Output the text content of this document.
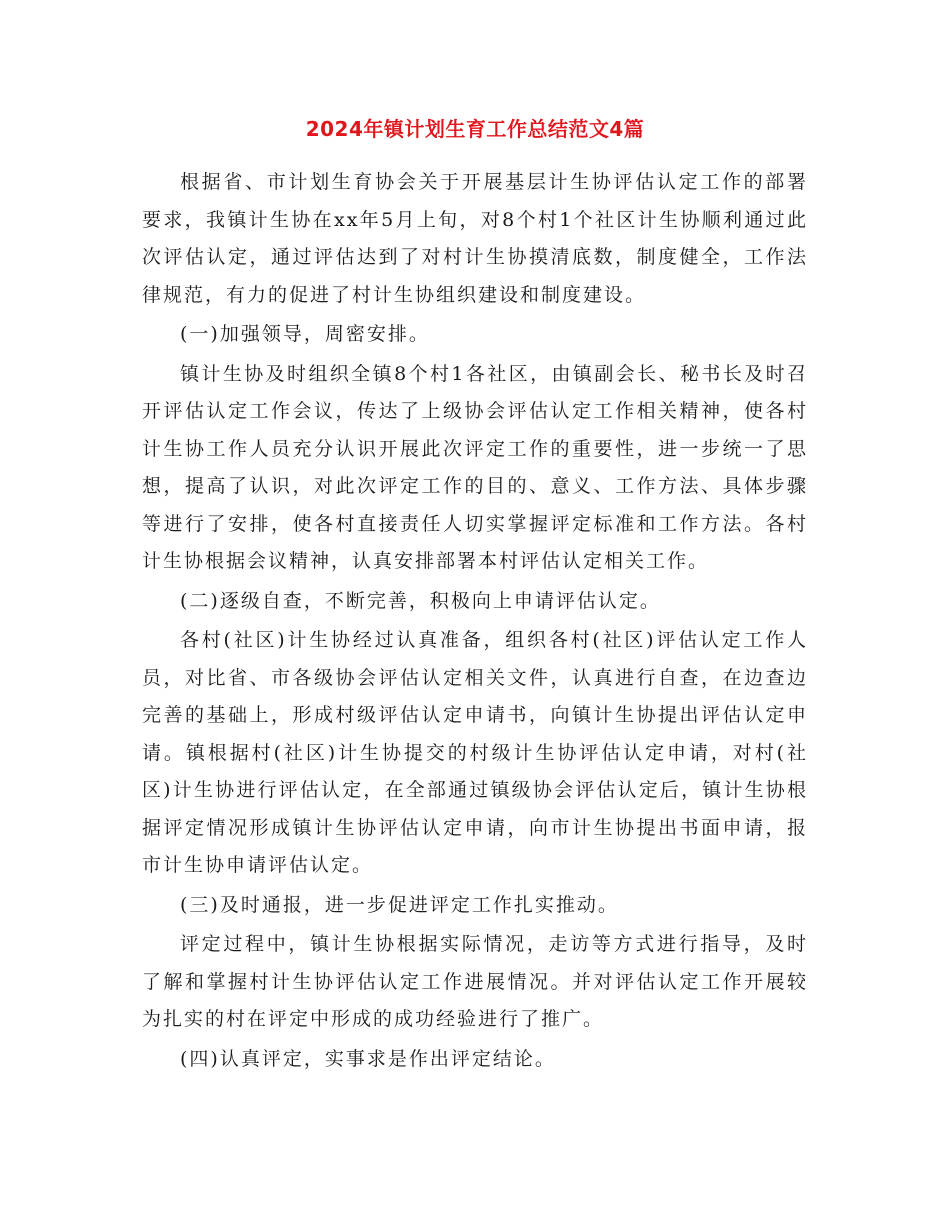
2024年镇计划生育工作总结范文4篇

根据省、市计划生育协会关于开展基层计生协评估认定工作的部署要求，我镇计生协在xx年5月上旬，对8个村1个社区计生协顺利通过此次评估认定，通过评估达到了对村计生协摸清底数，制度健全，工作法律规范，有力的促进了村计生协组织建设和制度建设。

(一)加强领导，周密安排。

镇计生协及时组织全镇8个村1各社区，由镇副会长、秘书长及时召开评估认定工作会议，传达了上级协会评估认定工作相关精神，使各村计生协工作人员充分认识开展此次评定工作的重要性，进一步统一了思想，提高了认识，对此次评定工作的目的、意义、工作方法、具体步骤等进行了安排，使各村直接责任人切实掌握评定标准和工作方法。各村计生协根据会议精神，认真安排部署本村评估认定相关工作。

(二)逐级自查，不断完善，积极向上申请评估认定。

各村(社区)计生协经过认真准备，组织各村(社区)评估认定工作人员，对比省、市各级协会评估认定相关文件，认真进行自查，在边查边完善的基础上，形成村级评估认定申请书，向镇计生协提出评估认定申请。镇根据村(社区)计生协提交的村级计生协评估认定申请，对村(社区)计生协进行评估认定，在全部通过镇级协会评估认定后，镇计生协根据评定情况形成镇计生协评估认定申请，向市计生协提出书面申请，报市计生协申请评估认定。

(三)及时通报，进一步促进评定工作扎实推动。

评定过程中，镇计生协根据实际情况，走访等方式进行指导，及时了解和掌握村计生协评估认定工作进展情况。并对评估认定工作开展较为扎实的村在评定中形成的成功经验进行了推广。

(四)认真评定，实事求是作出评定结论。
